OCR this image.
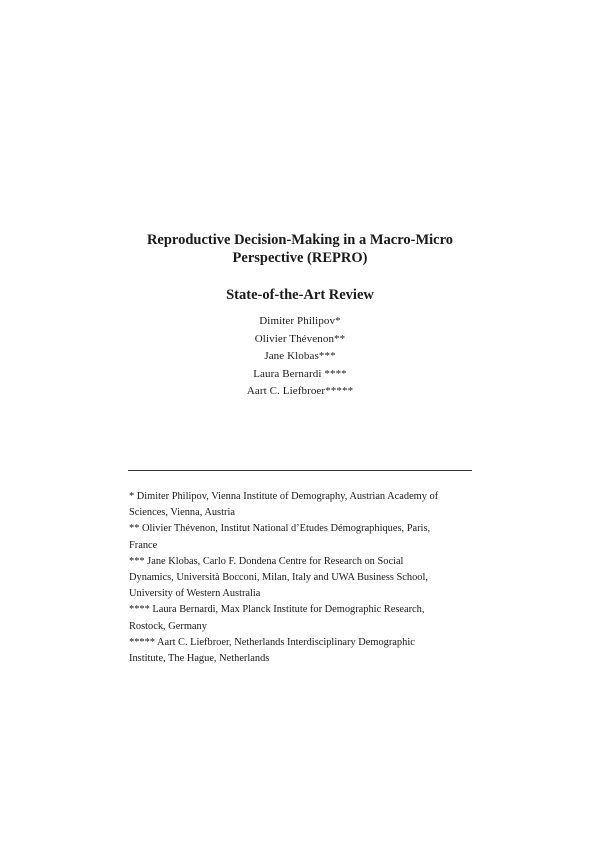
Reproductive Decision-Making in a Macro-Micro
Perspective (REPRO)
State-of-the-Art Review
Dimiter Philipov*
Olivier Thévenon**
Jane Klobas***
Laura Bernardi ****
Aart C. Liefbroer*****
* Dimiter Philipov, Vienna Institute of Demography, Austrian Academy of
Sciences, Vienna, Austria
** Olivier Thévenon, Institut National d’Etudes Démographiques, Paris,
France
*** Jane Klobas, Carlo F. Dondena Centre for Research on Social
Dynamics, Università Bocconi, Milan, Italy and UWA Business School,
University of Western Australia
**** Laura Bernardi, Max Planck Institute for Demographic Research,
Rostock, Germany
***** Aart C. Liefbroer, Netherlands Interdisciplinary Demographic
Institute, The Hague, Netherlands
